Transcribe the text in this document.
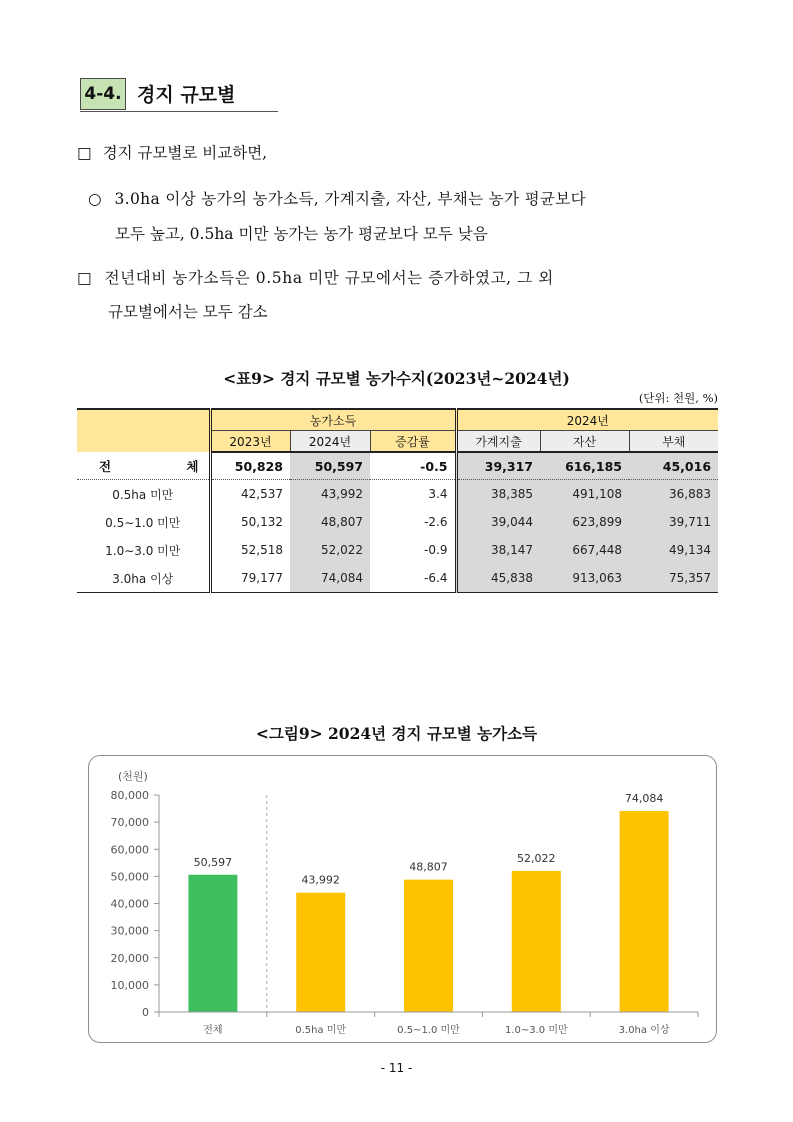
4-4. 경지 규모별
□ 경지 규모별로 비교하면,
○ 3.0ha 이상 농가의 농가소득, 가계지출, 자산, 부채는 농가 평균보다
모두 높고, 0.5ha 미만 농가는 농가 평균보다 모두 낮음
□ 전년대비 농가소득은 0.5ha 미만 규모에서는 증가하였고, 그 외
규모별에서는 모두 감소
<표9> 경지 규모별 농가수지(2023년~2024년)
(단위: 천원, %)
	농가소득			2024년		
	2023년	2024년	증감률	가계지출	자산	부채
전 체	50,828	50,597	-0.5	39,317	616,185	45,016
0.5ha 미만	42,537	43,992	3.4	38,385	491,108	36,883
0.5∼1.0 미만	50,132	48,807	-2.6	39,044	623,899	39,711
1.0∼3.0 미만	52,518	52,022	-0.9	38,147	667,448	49,134
3.0ha 이상	79,177	74,084	-6.4	45,838	913,063	75,357
<그림9> 2024년 경지 규모별 농가소득
(천원)
0
10,000
20,000
30,000
40,000
50,000
60,000
70,000
80,000
50,597
43,992
48,807
52,022
74,084
전체	0.5ha 미만	0.5~1.0 미만	1.0~3.0 미만	3.0ha 이상
- 11 -
